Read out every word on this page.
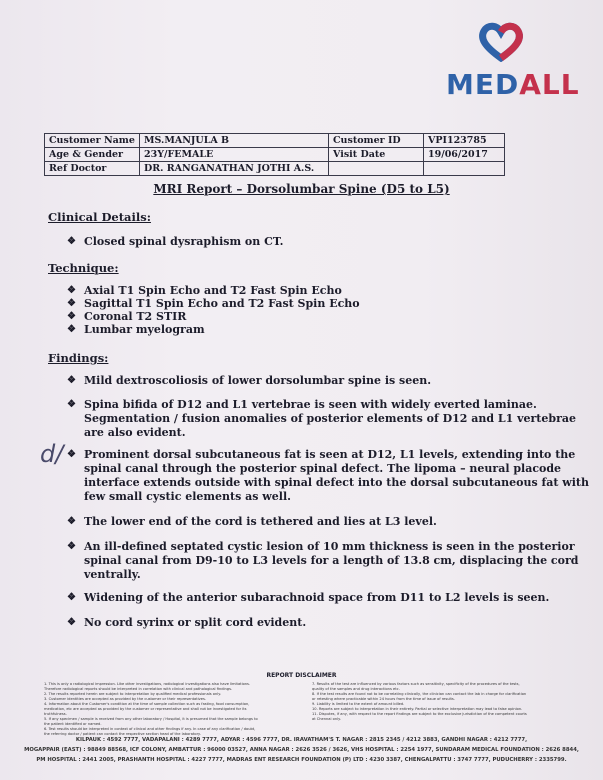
MEDALL
Customer Name	MS.MANJULA B	Customer ID	VPI123785
Age & Gender	23Y/FEMALE	Visit Date	19/06/2017
Ref Doctor	DR. RANGANATHAN JOTHI A.S.		
MRI Report – Dorsolumbar Spine (D5 to L5)
Clinical Details:
❖ Closed spinal dysraphism on CT.
Technique:
❖ Axial T1 Spin Echo and T2 Fast Spin Echo
❖ Sagittal T1 Spin Echo and T2 Fast Spin Echo
❖ Coronal T2 STIR
❖ Lumbar myelogram
Findings:
❖ Mild dextroscoliosis of lower dorsolumbar spine is seen.
❖ Spina bifida of D12 and L1 vertebrae is seen with widely everted laminae.
Segmentation / fusion anomalies of posterior elements of D12 and L1 vertebrae
are also evident.
❖ Prominent dorsal subcutaneous fat is seen at D12, L1 levels, extending into the
spinal canal through the posterior spinal defect. The lipoma – neural placode
interface extends outside with spinal defect into the dorsal subcutaneous fat with
few small cystic elements as well.
❖ The lower end of the cord is tethered and lies at L3 level.
❖ An ill-defined septated cystic lesion of 10 mm thickness is seen in the posterior
spinal canal from D9-10 to L3 levels for a length of 13.8 cm, displacing the cord
ventrally.
❖ Widening of the anterior subarachnoid space from D11 to L2 levels is seen.
❖ No cord syrinx or split cord evident.
d/
REPORT DISCLAIMER
1. This is only a radiological impression. Like other investigations, radiological investigations also have limitations.
Therefore radiological reports should be interpreted in correlation with clinical and pathological findings.
2. The results reported herein are subject to interpretation by qualified medical professionals only.
3. Customer identities are accepted as provided by the customer or their representatives.
4. Information about the Customer's condition at the time of sample collection such as fasting, food consumption,
medication, etc are accepted as provided by the customer or representative and shall not be investigated for its
truthfulness.
5. If any specimen / sample is received from any other laboratory / Hospital, it is presumed that the sample belongs to
the patient identified or named.
6. Test results should be interpreted in context of clinical and other findings if any. In case of any clarification / doubt,
the referring doctor / patient can contact the respective section head of the laboratory.
7. Results of the test are influenced by various factors such as sensitivity, specificity of the procedures of the tests,
quality of the samples and drug interactions etc.
8. If the test results are found not to be correlating clinically, the clinician can contact the lab in charge for clarification
or retesting where practicable within 24 hours from the time of issue of results.
9. Liability is limited to the extent of amount billed.
10. Reports are subject to interpretation in their entirety. Partial or selective interpretation may lead to false opinion.
11. Disputes, if any, with respect to the report findings are subject to the exclusive jurisdiction of the competent courts
at Chennai only.
KILPAUK : 4592 7777, VADAPALANI : 4289 7777, ADYAR : 4596 7777, DR. IRAVATHAM'S T. NAGAR : 2815 2345 / 4212 3883, GANDHI NAGAR : 4212 7777,
MOGAPPAIR (EAST) : 98849 88568, ICF COLONY, AMBATTUR : 96000 03527, ANNA NAGAR : 2626 3526 / 3626, VHS HOSPITAL : 2254 1977, SUNDARAM MEDICAL FOUNDATION : 2626 8844,
PM HOSPITAL : 2441 2005, PRASHANTH HOSPITAL : 4227 7777, MADRAS ENT RESEARCH FOUNDATION (P) LTD : 4230 3387, CHENGALPATTU : 3747 7777, PUDUCHERRY : 2335799.
